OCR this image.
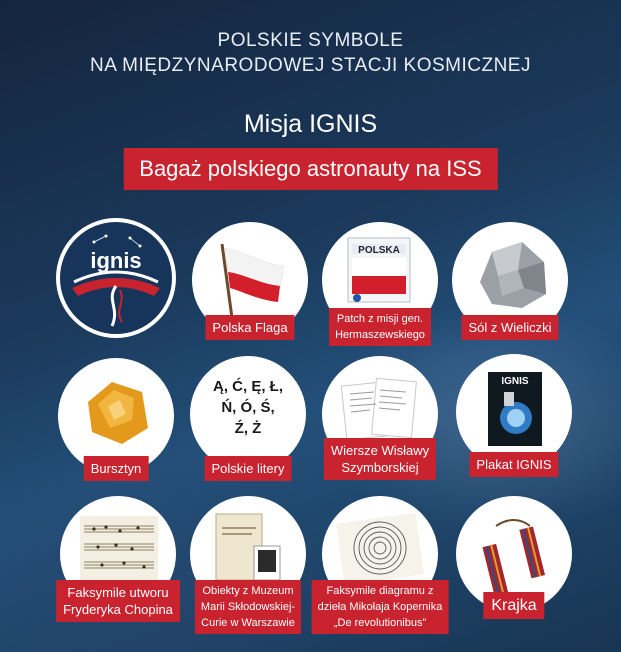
POLSKIE SYMBOLE
NA MIĘDZYNARODOWEJ STACJI KOSMICZNEJ
Misja IGNIS
Bagaż polskiego astronauty na ISS
ignis
Polska Flaga
POLSKA
Patch z misji gen.
Hermaszewskiego	Sól z Wieliczki
Bursztyn
Ą, Ć, Ę, Ł,
Ń, Ó, Ś,
Ź, Ż
Polskie litery
Wiersze Wisławy
Szymborskiej
IGNIS
Plakat IGNIS
Faksymile utworu
Fryderyka Chopina
Obiekty z Muzeum
Marii Skłodowskiej-
Curie w Warszawie
Faksymile diagramu z
dzieła Mikołaja Kopernika
„De revolutionibus”
Krajka
